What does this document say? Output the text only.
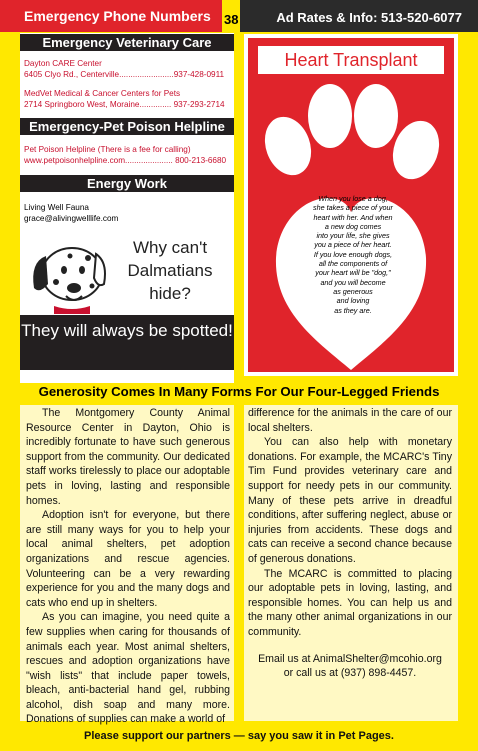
Emergency Phone Numbers 38	Ad Rates & Info: 513-520-6077
Emergency Veterinary Care
Dayton CARE Center
6405 Clyo Rd., Centerville........................937-428-0911
MedVet Medical & Cancer Centers for Pets
2714 Springboro West, Moraine.............. 937-293-2714
Emergency-Pet Poison Helpline
Pet Poison Helpline (There is a fee for calling)
www.petpoisonhelpline.com..................... 800-213-6680
Energy Work
Living Well Fauna
grace@alivingwelllife.com
Why can't Dalmatians hide?
They will always be spotted!
Heart Transplant
When you lose a dog,
she takes a piece of your
heart with her. And when
a new dog comes
into your life, she gives
you a piece of her heart.
If you love enough dogs,
all the components of
your heart will be "dog,"
and you will become
as generous
and loving
as they are.
Generosity Comes In Many Forms For Our Four-Legged Friends

The Montgomery County Animal Resource Center in Dayton, Ohio is incredibly fortunate to have such generous support from the community. Our dedicated staff works tirelessly to place our adoptable pets in loving, lasting and responsible homes.

Adoption isn't for everyone, but there are still many ways for you to help your local animal shelters, pet adoption organizations and rescue agencies. Volunteering can be a very rewarding experience for you and the many dogs and cats who end up in shelters.

As you can imagine, you need quite a few supplies when caring for thousands of animals each year. Most animal shelters, rescues and adoption organizations have "wish lists" that include paper towels, bleach, anti-bacterial hand gel, rubbing alcohol, dish soap and many more. Donations of supplies can make a world of

difference for the animals in the care of our local shelters.

You can also help with monetary donations. For example, the MCARC's Tiny Tim Fund provides veterinary care and support for needy pets in our community. Many of these pets arrive in dreadful conditions, after suffering neglect, abuse or injuries from accidents. These dogs and cats can receive a second chance because of generous donations.

The MCARC is committed to placing our adoptable pets in loving, lasting, and responsible homes. You can help us and the many other animal organizations in our community.

Email us at AnimalShelter@mcohio.org

or call us at (937) 898-4457.

Please support our partners — say you saw it in Pet Pages.
